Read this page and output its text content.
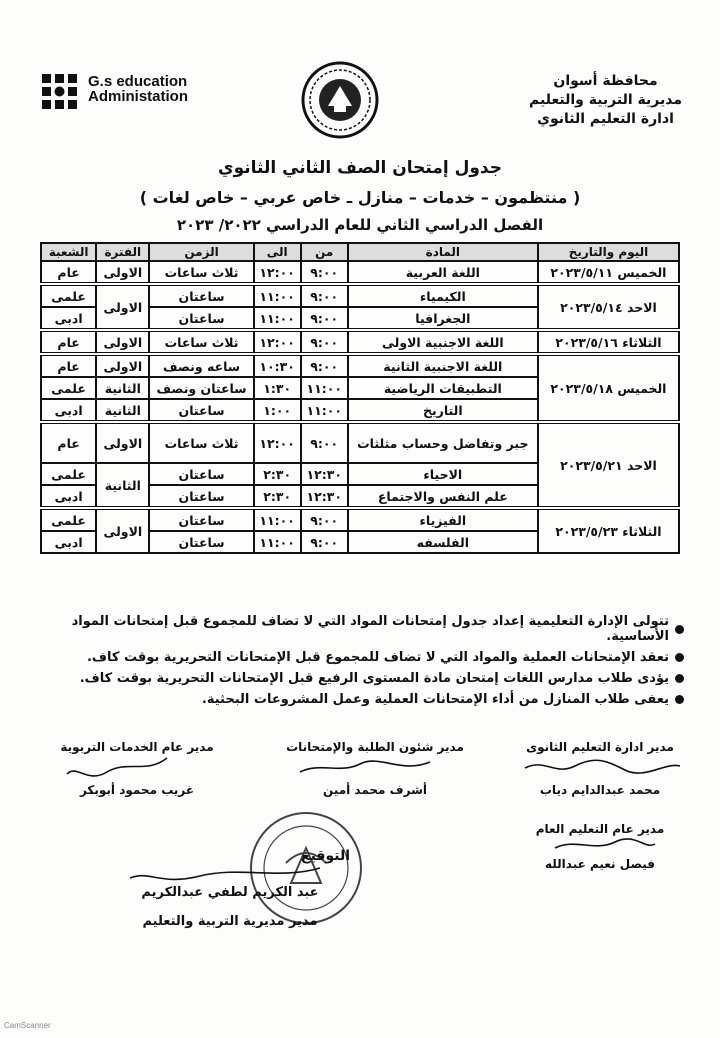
G.s education
Administation
محافظة أسوان
مديرية التربية والتعليم
ادارة التعليم الثانوي
جدول إمتحان الصف الثاني الثانوي
( منتظمون – خدمات – منازل ـ خاص عربي – خاص لغات )
الفصل الدراسي الثاني للعام الدراسي ٢٠٢٢/ ٢٠٢٣
اليوم والتاريخ	المادة	من	الى	الزمن	الفترة	الشعبة
الخميس ٢٠٢٣/٥/١١	اللغة العربية	٩:٠٠	١٢:٠٠	ثلاث ساعات	الاولى	عام
الاحد ٢٠٢٣/٥/١٤	الكيمياء	٩:٠٠	١١:٠٠	ساعتان	الاولى	علمى
	الجغرافيا	٩:٠٠	١١:٠٠	ساعتان		ادبى
الثلاثاء ٢٠٢٣/٥/١٦	اللغة الاجنبية الاولى	٩:٠٠	١٢:٠٠	ثلاث ساعات	الاولى	عام
الخميس ٢٠٢٣/٥/١٨	اللغة الاجنبية الثانية	٩:٠٠	١٠:٣٠	ساعه ونصف	الاولى	عام
	التطبيقات الرياضية	١١:٠٠	١:٣٠	ساعتان ونصف	الثانية	علمى
	التاريخ	١١:٠٠	١:٠٠	ساعتان	الثانية	ادبى
الاحد ٢٠٢٣/٥/٢١	جبر وتفاضل وحساب مثلثات	٩:٠٠	١٢:٠٠	ثلاث ساعات	الاولى	عام
	الاحياء	١٢:٣٠	٢:٣٠	ساعتان	الثانية	علمى
	علم النفس والاجتماع	١٢:٣٠	٢:٣٠	ساعتان		ادبى
الثلاثاء ٢٠٢٣/٥/٢٣	الفيزياء	٩:٠٠	١١:٠٠	ساعتان	الاولى	علمى
	الفلسفه	٩:٠٠	١١:٠٠	ساعتان		ادبى
تتولى الإدارة التعليمية إعداد جدول إمتحانات المواد التي لا تضاف للمجموع قبل إمتحانات المواد الأساسية.
تعقد الإمتحانات العملية والمواد التي لا تضاف للمجموع قبل الإمتحانات التحريرية بوقت كاف.
يؤدى طلاب مدارس اللغات إمتحان مادة المستوى الرفيع قبل الإمتحانات التحريرية بوقت كاف.
يعفى طلاب المنازل من أداء الإمتحانات العملية وعمل المشروعات البحثية.
مدير ادارة التعليم الثانوى
محمد عبدالدايم دياب
مدير شئون الطلبة والإمتحانات
أشرف محمد أمين
مدير عام الخدمات التربوية
غريب محمود أبوبكر
مدير عام التعليم العام
فيصل نعيم عبدالله
التوقيع
عبد الكريم لطفي عبدالكريم
مدير مديرية التربية والتعليم
CamScanner
